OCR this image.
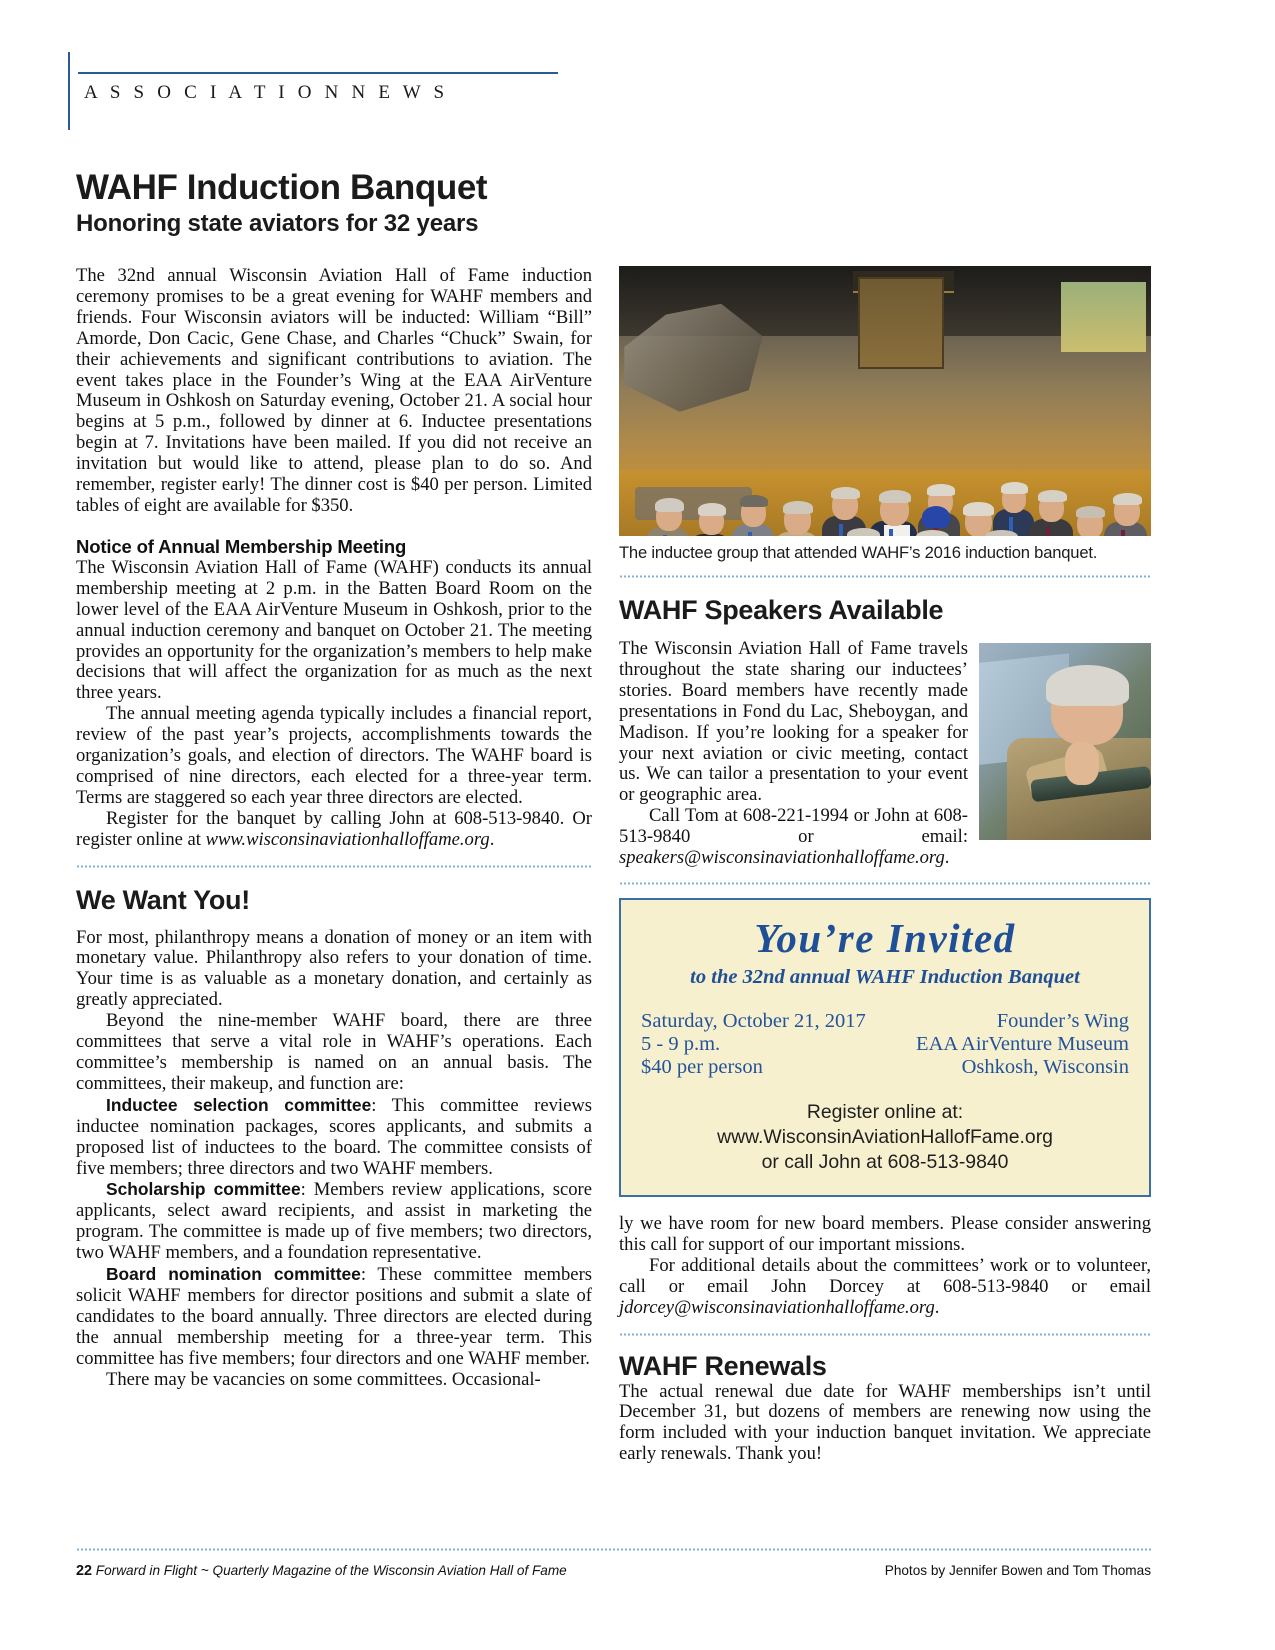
A S S O C I A T I O N N E W S
WAHF Induction Banquet
Honoring state aviators for 32 years

The 32nd annual Wisconsin Aviation Hall of Fame induction ceremony promises to be a great evening for WAHF members and friends. Four Wisconsin aviators will be inducted: William “Bill” Amorde, Don Cacic, Gene Chase, and Charles “Chuck” Swain, for their achievements and significant contributions to aviation. The event takes place in the Founder’s Wing at the EAA AirVenture Museum in Oshkosh on Saturday evening, October 21. A social hour begins at 5 p.m., followed by dinner at 6. Inductee presentations begin at 7. Invitations have been mailed. If you did not receive an invitation but would like to attend, please plan to do so. And remember, register early! The dinner cost is $40 per person. Limited tables of eight are available for $350.

Notice of Annual Membership Meeting

The Wisconsin Aviation Hall of Fame (WAHF) conducts its annual membership meeting at 2 p.m. in the Batten Board Room on the lower level of the EAA AirVenture Museum in Oshkosh, prior to the annual induction ceremony and banquet on October 21. The meeting provides an opportunity for the organization’s members to help make decisions that will affect the organization for as much as the next three years.

The annual meeting agenda typically includes a financial report, review of the past year’s projects, accomplishments towards the organization’s goals, and election of directors. The WAHF board is comprised of nine directors, each elected for a three-year term. Terms are staggered so each year three directors are elected.

Register for the banquet by calling John at 608-513-9840. Or register online at www.wisconsinaviationhalloffame.org.

We Want You!

For most, philanthropy means a donation of money or an item with monetary value. Philanthropy also refers to your donation of time. Your time is as valuable as a monetary donation, and certainly as greatly appreciated.

Beyond the nine-member WAHF board, there are three committees that serve a vital role in WAHF’s operations. Each committee’s membership is named on an annual basis. The committees, their makeup, and function are:

Inductee selection committee: This committee reviews inductee nomination packages, scores applicants, and submits a proposed list of inductees to the board. The committee consists of five members; three directors and two WAHF members.

Scholarship committee: Members review applications, score applicants, select award recipients, and assist in marketing the program. The committee is made up of five members; two directors, two WAHF members, and a foundation representative.

Board nomination committee: These committee members solicit WAHF members for director positions and submit a slate of candidates to the board annually. Three directors are elected during the annual membership meeting for a three-year term. This committee has five members; four directors and one WAHF member.

There may be vacancies on some committees. Occasional-

The inductee group that attended WAHF’s 2016 induction banquet.
WAHF Speakers Available

The Wisconsin Aviation Hall of Fame travels throughout the state sharing our inductees’ stories. Board members have recently made presentations in Fond du Lac, Sheboygan, and Madison. If you’re looking for a speaker for your next aviation or civic meeting, contact us. We can tailor a presentation to your event or geographic area.

Call Tom at 608-221-1994 or John at 608-513-9840 or email: speakers@wisconsinaviationhalloffame.org.

You’re Invited
to the 32nd annual WAHF Induction Banquet
Saturday, October 21, 2017
5 - 9 p.m.
$40 per person
Founder’s Wing
EAA AirVenture Museum
Oshkosh, Wisconsin
Register online at:
www.WisconsinAviationHallofFame.org
or call John at 608-513-9840

ly we have room for new board members. Please consider answering this call for support of our important missions.

For additional details about the committees’ work or to volunteer, call or email John Dorcey at 608-513-9840 or email jdorcey@wisconsinaviationhalloffame.org.

WAHF Renewals

The actual renewal due date for WAHF memberships isn’t until December 31, but dozens of members are renewing now using the form included with your induction banquet invitation. We appreciate early renewals. Thank you!

22 Forward in Flight ~ Quarterly Magazine of the Wisconsin Aviation Hall of Fame	Photos by Jennifer Bowen and Tom Thomas
